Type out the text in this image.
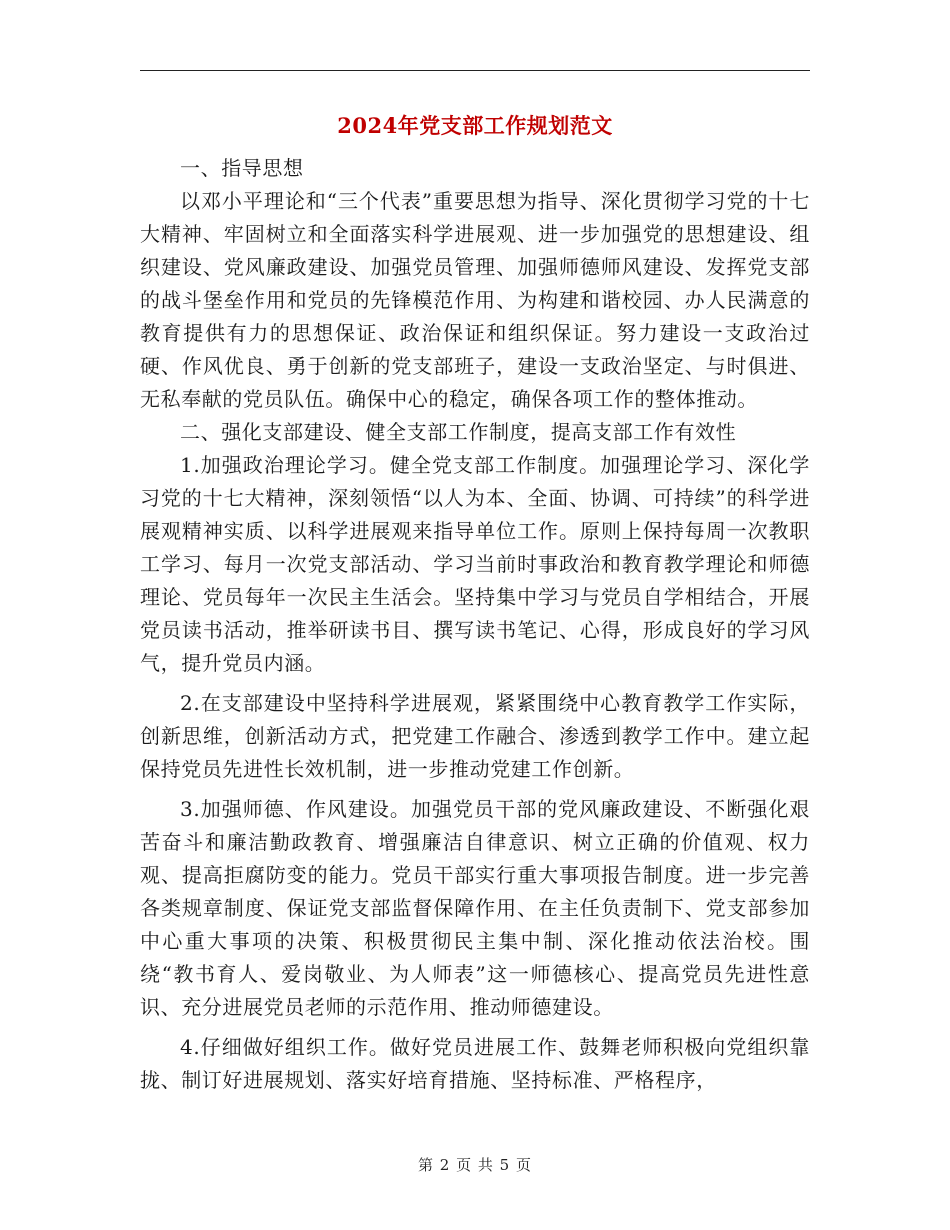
2024年党支部工作规划范文

一、指导思想

以邓小平理论和“三个代表”重要思想为指导、深化贯彻学习党的十七大精神、牢固树立和全面落实科学进展观、进一步加强党的思想建设、组织建设、党风廉政建设、加强党员管理、加强师德师风建设、发挥党支部的战斗堡垒作用和党员的先锋模范作用、为构建和谐校园、办人民满意的教育提供有力的思想保证、政治保证和组织保证。努力建设一支政治过硬、作风优良、勇于创新的党支部班子，建设一支政治坚定、与时俱进、无私奉献的党员队伍。确保中心的稳定，确保各项工作的整体推动。

二、强化支部建设、健全支部工作制度，提高支部工作有效性

1.加强政治理论学习。健全党支部工作制度。加强理论学习、深化学习党的十七大精神，深刻领悟“以人为本、全面、协调、可持续”的科学进展观精神实质、以科学进展观来指导单位工作。原则上保持每周一次教职工学习、每月一次党支部活动、学习当前时事政治和教育教学理论和师德理论、党员每年一次民主生活会。坚持集中学习与党员自学相结合，开展党员读书活动，推举研读书目、撰写读书笔记、心得，形成良好的学习风气，提升党员内涵。

2.在支部建设中坚持科学进展观，紧紧围绕中心教育教学工作实际，创新思维，创新活动方式，把党建工作融合、渗透到教学工作中。建立起保持党员先进性长效机制，进一步推动党建工作创新。

3.加强师德、作风建设。加强党员干部的党风廉政建设、不断强化艰苦奋斗和廉洁勤政教育、增强廉洁自律意识、树立正确的价值观、权力观、提高拒腐防变的能力。党员干部实行重大事项报告制度。进一步完善各类规章制度、保证党支部监督保障作用、在主任负责制下、党支部参加中心重大事项的决策、积极贯彻民主集中制、深化推动依法治校。围绕“教书育人、爱岗敬业、为人师表”这一师德核心、提高党员先进性意识、充分进展党员老师的示范作用、推动师德建设。

4.仔细做好组织工作。做好党员进展工作、鼓舞老师积极向党组织靠拢、制订好进展规划、落实好培育措施、坚持标准、严格程序，

第 2 页 共 5 页
